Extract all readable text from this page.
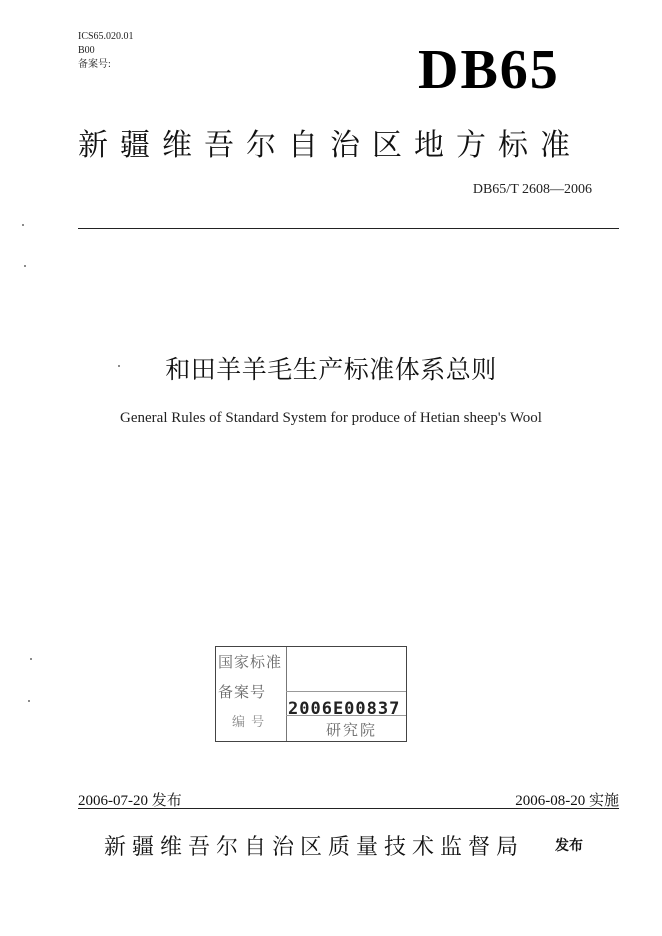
ICS65.020.01
B00
备案号:	DB65
新疆维吾尔自治区地方标准
DB65/T 2608—2006
和田羊羊毛生产标准体系总则
General Rules of Standard System for produce of Hetian sheep's Wool
国家标准
备案号
编 号
2006E00837
研究院
2006-07-20 发布	2006-08-20 实施
新疆维吾尔自治区质量技术监督局 发布
